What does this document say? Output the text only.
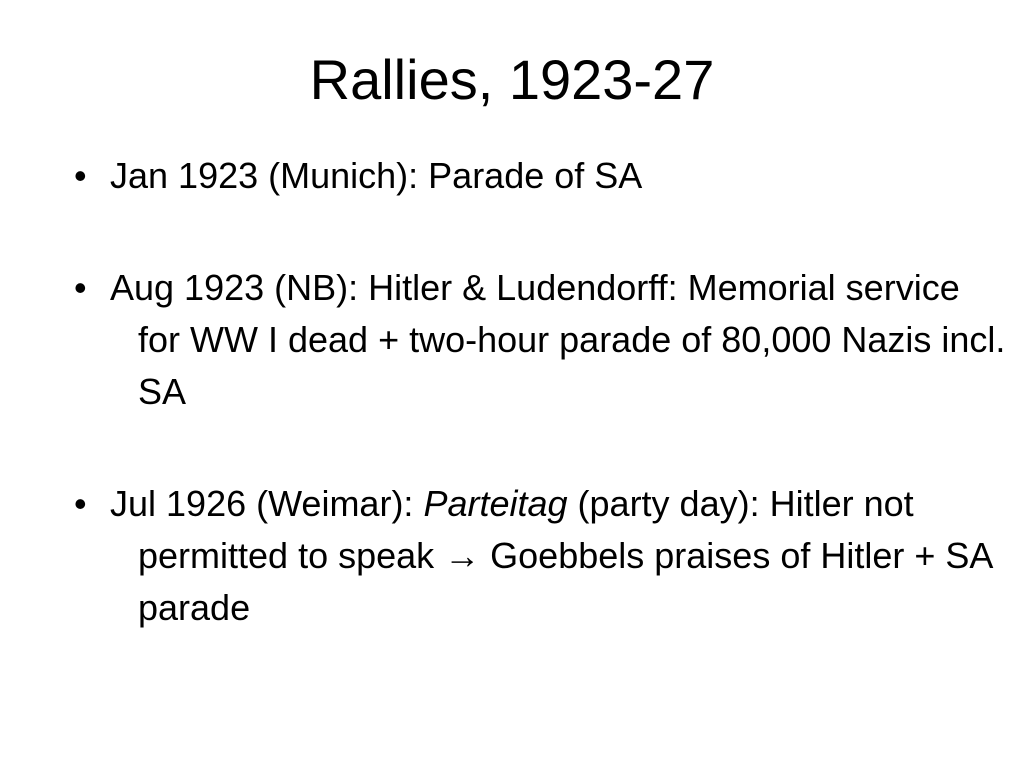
Rallies, 1923-27
• Jan 1923 (Munich): Parade of SA
• Aug 1923 (NB): Hitler & Ludendorff: Memorial service for WW I dead + two-hour parade of 80,000 Nazis incl. SA
• Jul 1926 (Weimar): Parteitag (party day): Hitler not permitted to speak → Goebbels praises of Hitler + SA parade
